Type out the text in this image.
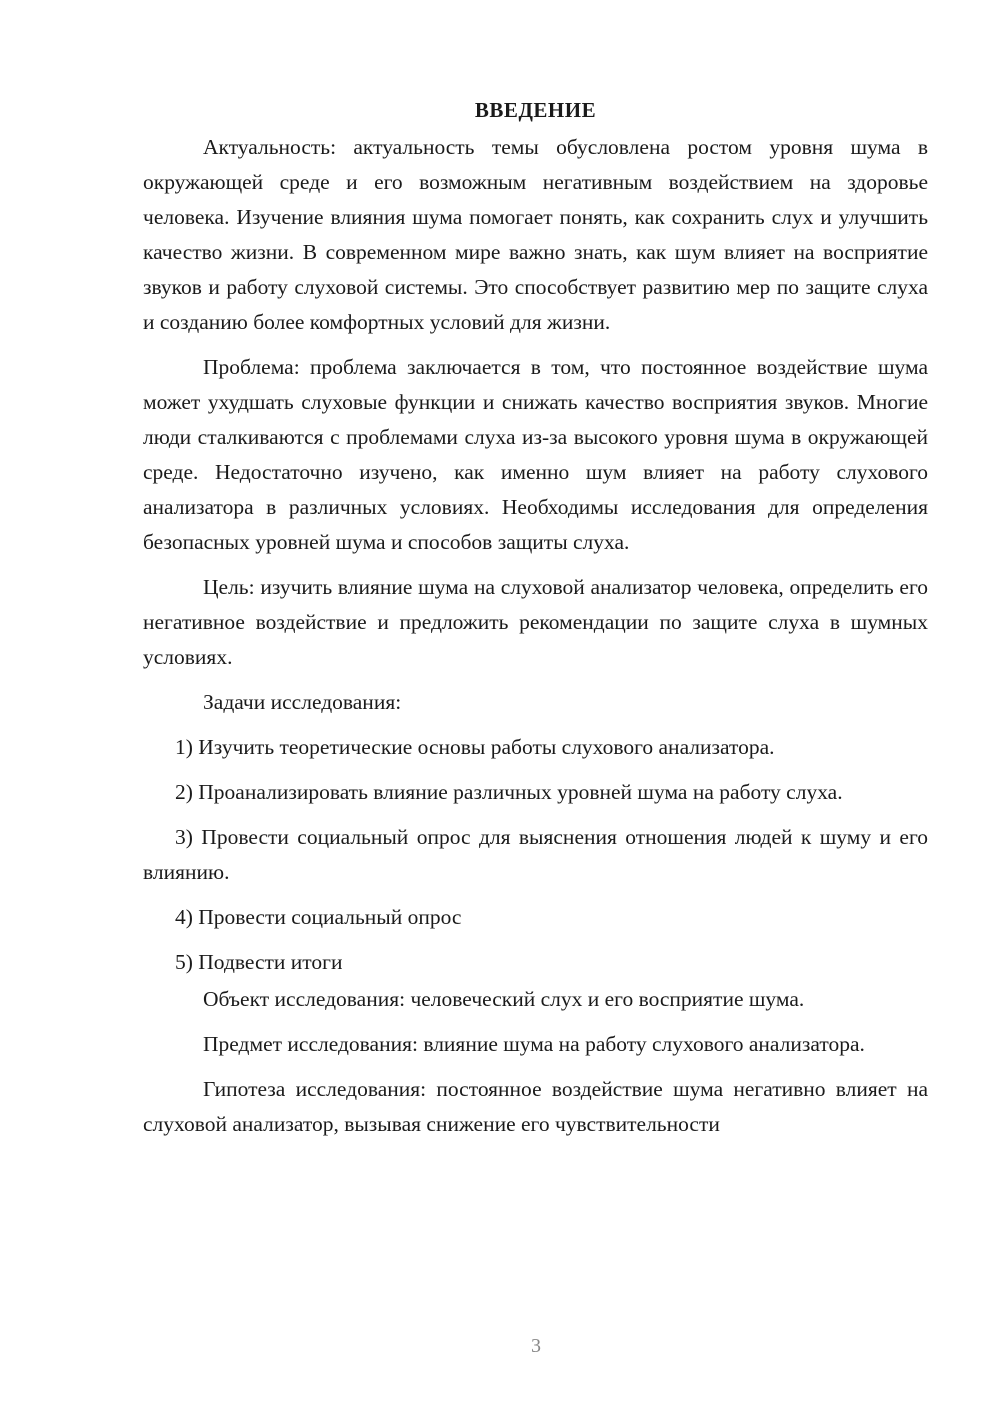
ВВЕДЕНИЕ

Актуальность: актуальность темы обусловлена ростом уровня шума в окружающей среде и его возможным негативным воздействием на здоровье человека. Изучение влияния шума помогает понять, как сохранить слух и улучшить качество жизни. В современном мире важно знать, как шум влияет на восприятие звуков и работу слуховой системы. Это способствует развитию мер по защите слуха и созданию более комфортных условий для жизни.

Проблема: проблема заключается в том, что постоянное воздействие шума может ухудшать слуховые функции и снижать качество восприятия звуков. Многие люди сталкиваются с проблемами слуха из-за высокого уровня шума в окружающей среде. Недостаточно изучено, как именно шум влияет на работу слухового анализатора в различных условиях. Необходимы исследования для определения безопасных уровней шума и способов защиты слуха.

Цель: изучить влияние шума на слуховой анализатор человека, определить его негативное воздействие и предложить рекомендации по защите слуха в шумных условиях.

Задачи исследования:

1) Изучить теоретические основы работы слухового анализатора.

2) Проанализировать влияние различных уровней шума на работу слуха.

3) Провести социальный опрос для выяснения отношения людей к шуму и его влиянию.

4) Провести социальный опрос

5) Подвести итоги

Объект исследования: человеческий слух и его восприятие шума.

Предмет исследования: влияние шума на работу слухового анализатора.

Гипотеза исследования: постоянное воздействие шума негативно влияет на слуховой анализатор, вызывая снижение его чувствительности

3
